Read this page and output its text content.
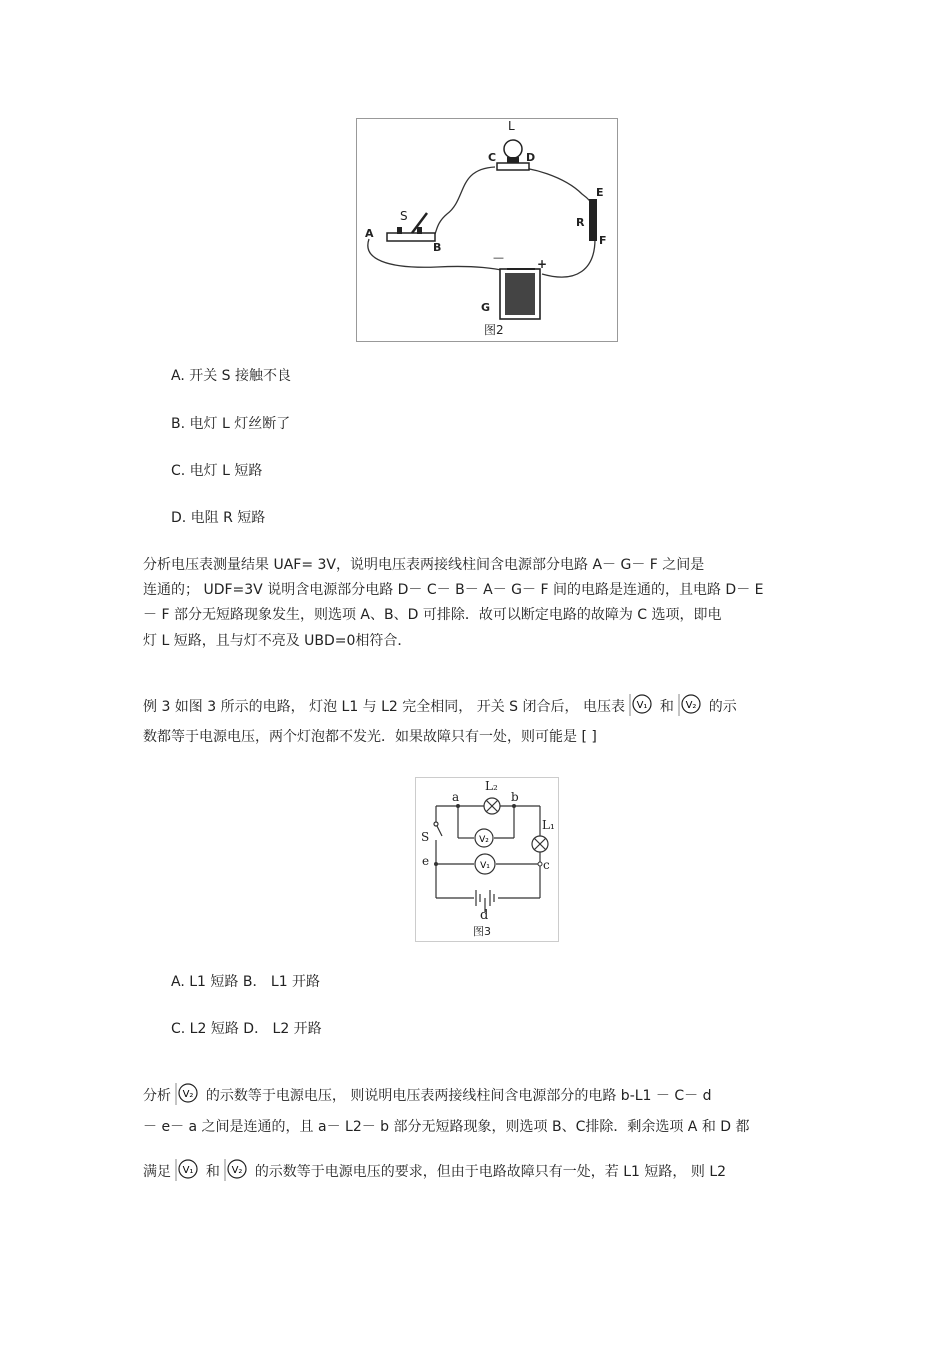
L
C	D
E
R
F
S
A
B
G
—	+
图2
A. 开关 S 接触不良
B. 电灯 L 灯丝断了
C. 电灯 L 短路
D. 电阻 R 短路
分析电压表测量结果 UAF= 3V，说明电压表两接线柱间含电源部分电路 A－ G－ F 之间是
连通的； UDF=3V 说明含电源部分电路 D－ C－ B－ A－ G－ F 间的电路是连通的，且电路 D－ E
－ F 部分无短路现象发生，则选项 A、B、D 可排除．故可以断定电路的故障为 C 选项，即电
灯 L 短路，且与灯不亮及 UBD=0相符合．
例 3 如图 3 所示的电路， 灯泡 L1 与 L2 完全相同， 开关 S 闭合后， 电压表 V₁ 和 V₂ 的示
数都等于电源电压，两个灯泡都不发光．如果故障只有一处，则可能是 [ ]
V₂
V₁
L₂
a	b
L₁
S
e	c
d
图3
A. L1 短路 B． L1 开路
C. L2 短路 D． L2 开路
分析 V₂ 的示数等于电源电压， 则说明电压表两接线柱间含电源部分的电路 b-L1 － C－ d
－ e－ a 之间是连通的，且 a－ L2－ b 部分无短路现象，则选项 B、C排除．剩余选项 A 和 D 都
满足 V₁ 和 V₂ 的示数等于电源电压的要求，但由于电路故障只有一处，若 L1 短路， 则 L2
